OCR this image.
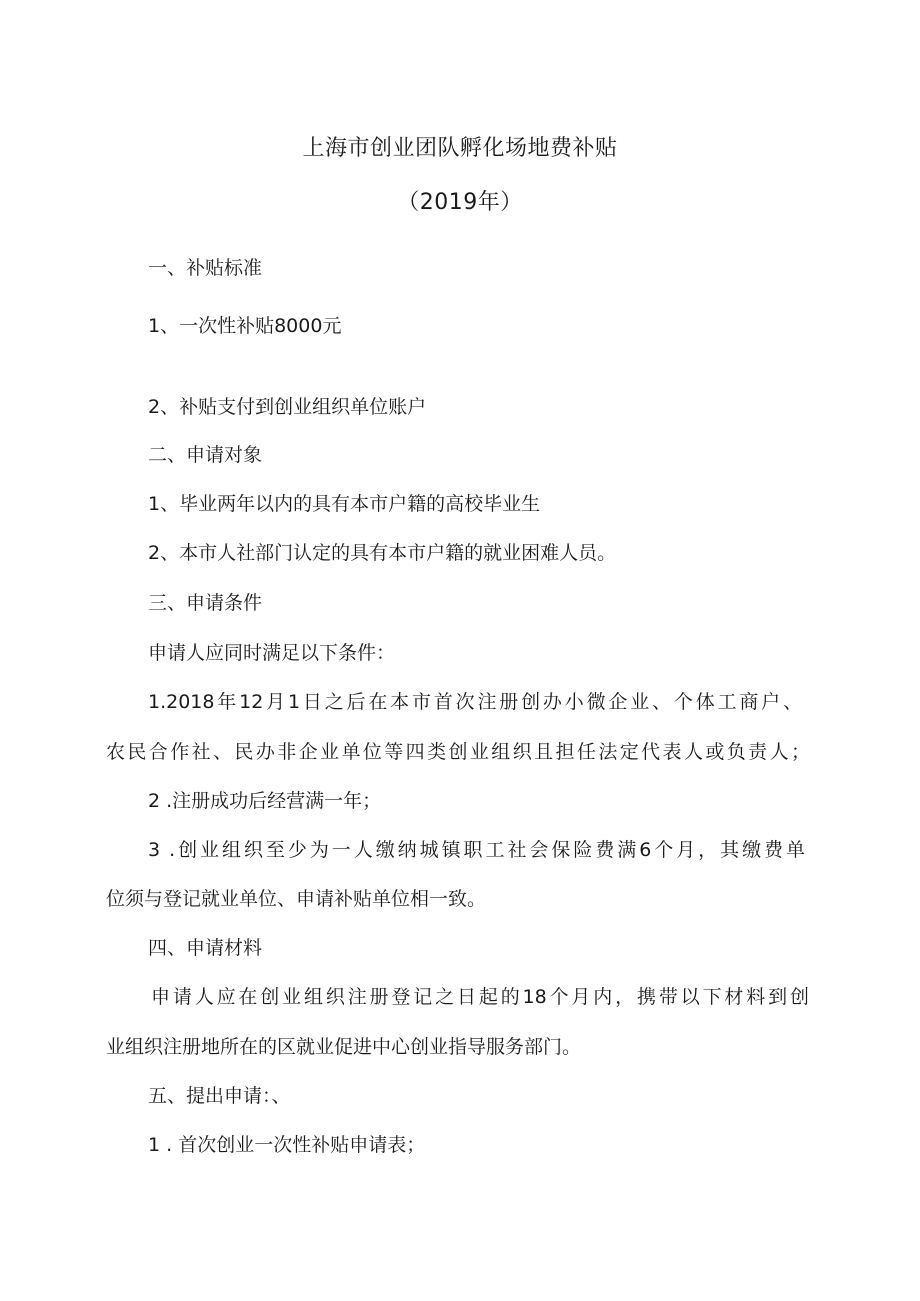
上海市创业团队孵化场地费补贴
（2019年）
一、补贴标准
1、一次性补贴8000元
2、补贴支付到创业组织单位账户
二、申请对象
1、毕业两年以内的具有本市户籍的高校毕业生
2、本市人社部门认定的具有本市户籍的就业困难人员。
三、申请条件
申请人应同时满足以下条件：
1.2018年12月1日之后在本市首次注册创办小微企业、个体工商户、
农民合作社、民办非企业单位等四类创业组织且担任法定代表人或负责人；
2 .注册成功后经营满一年；
3 .创业组织至少为一人缴纳城镇职工社会保险费满6个月，其缴费单
位须与登记就业单位、申请补贴单位相一致。
四、申请材料
申请人应在创业组织注册登记之日起的18个月内，携带以下材料到创
业组织注册地所在的区就业促进中心创业指导服务部门。
五、提出申请：、
1 . 首次创业一次性补贴申请表；
